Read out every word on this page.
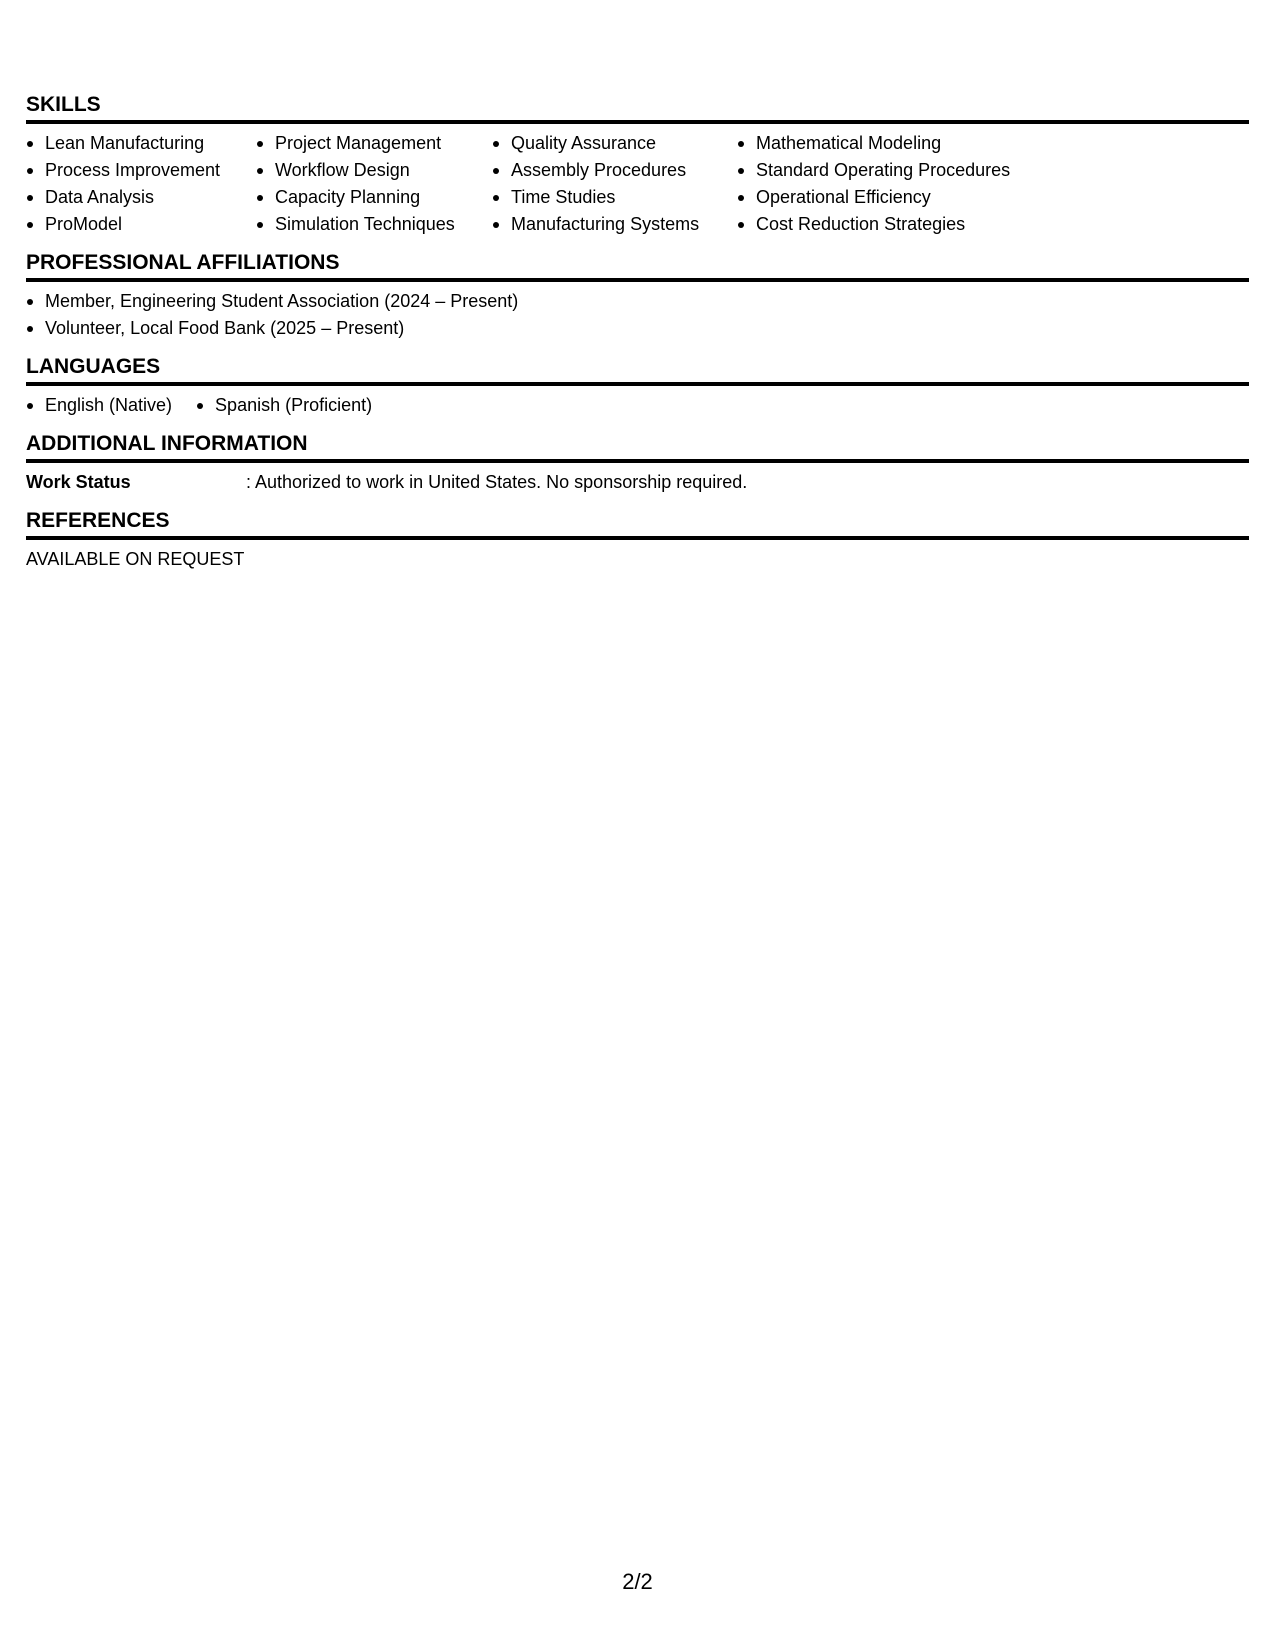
SKILLS
Lean Manufacturing
Process Improvement
Data Analysis
ProModel
Project Management
Workflow Design
Capacity Planning
Simulation Techniques
Quality Assurance
Assembly Procedures
Time Studies
Manufacturing Systems
Mathematical Modeling
Standard Operating Procedures
Operational Efficiency
Cost Reduction Strategies
PROFESSIONAL AFFILIATIONS
Member, Engineering Student Association (2024 – Present)
Volunteer, Local Food Bank (2025 – Present)
LANGUAGES
English (Native)	Spanish (Proficient)
ADDITIONAL INFORMATION
Work Status	: Authorized to work in United States. No sponsorship required.
REFERENCES
AVAILABLE ON REQUEST
2/2
